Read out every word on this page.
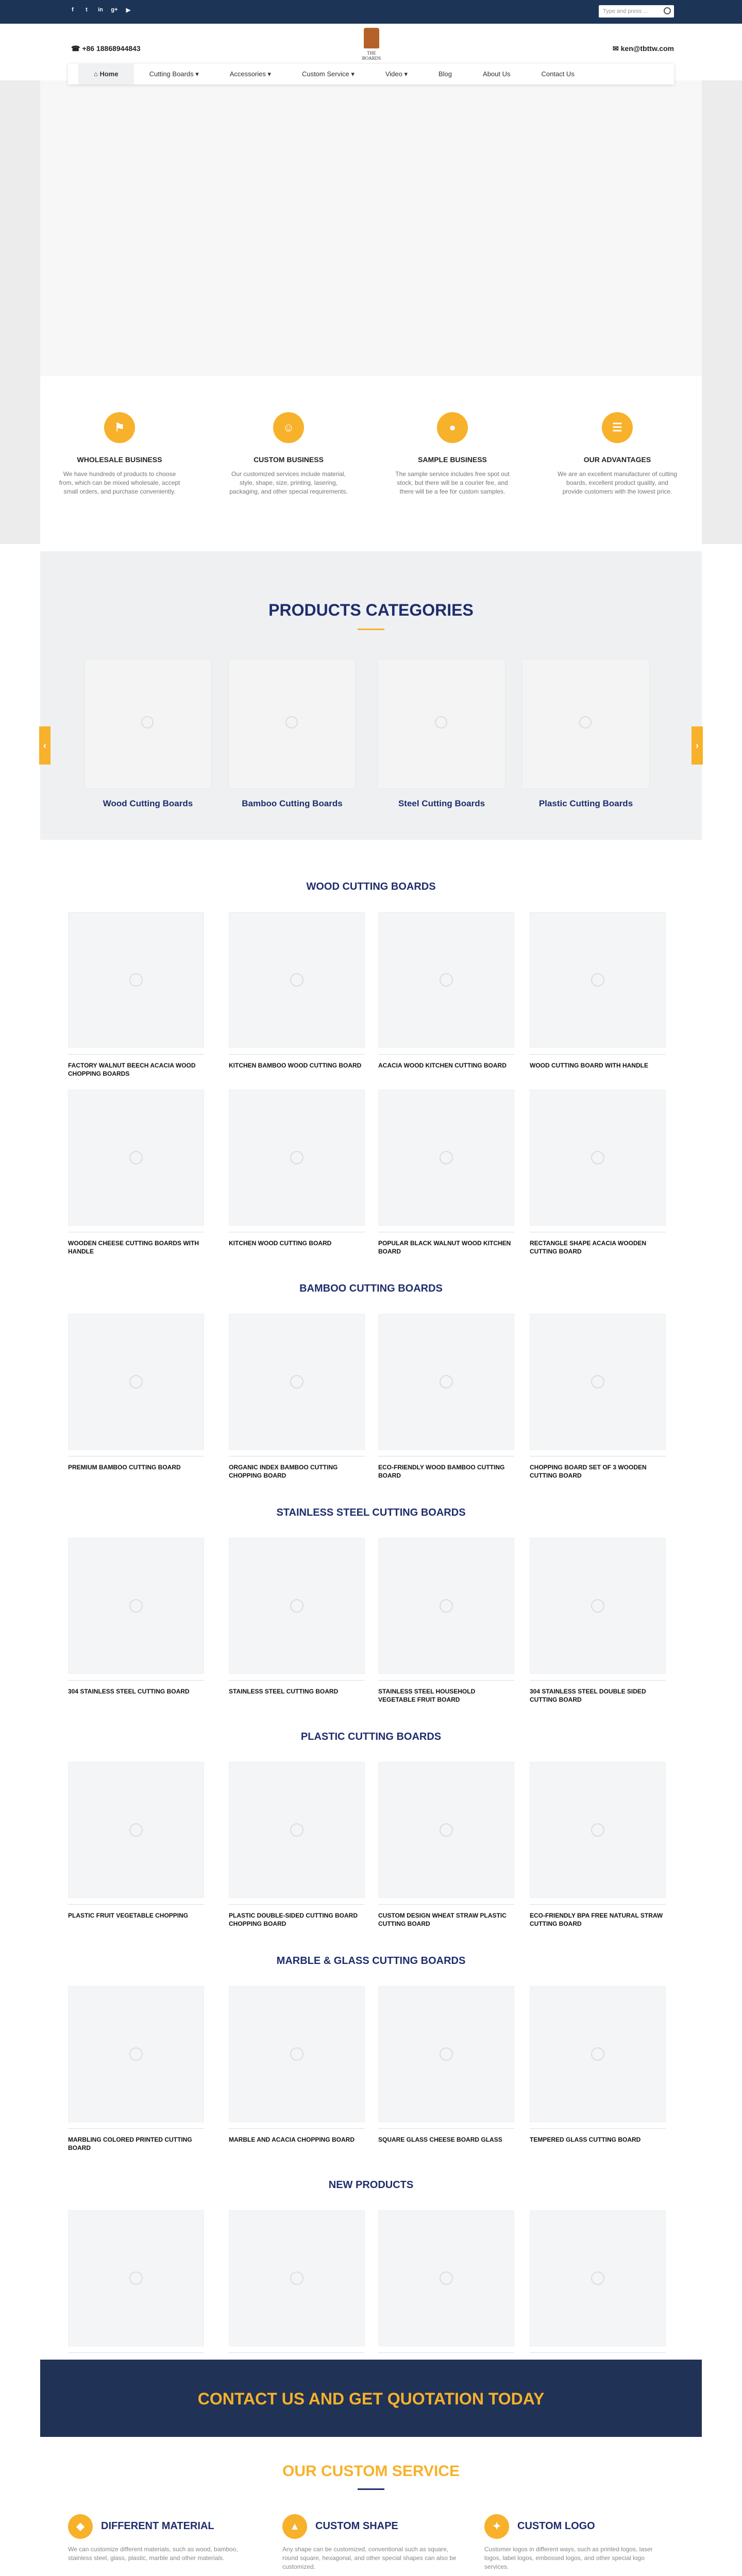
f	t	in	g+	▶	Type and press ...
☎ +86 18868944843
THE BOARDS
✉ ken@tbttw.com
⌂ Home	Cutting Boards ▾	Accessories ▾	Custom Service ▾	Video ▾	Blog	About Us	Contact Us
⚑
WHOLESALE BUSINESS
We have hundreds of products to choose from, which can be mixed wholesale, accept small orders, and purchase conveniently.
☺
CUSTOM BUSINESS
Our customized services include material, style, shape, size, printing, lasering, packaging, and other special requirements.
●
SAMPLE BUSINESS
The sample service includes free spot out stock, but there will be a courier fee, and there will be a fee for custom samples.
☰
OUR ADVANTAGES
We are an excellent manufacturer of cutting boards, excellent product quality, and provide customers with the lowest price.
PRODUCTS CATEGORIES
‹	›
Wood Cutting Boards	Bamboo Cutting Boards	Steel Cutting Boards	Plastic Cutting Boards
WOOD CUTTING BOARDS
FACTORY WALNUT BEECH ACACIA WOOD CHOPPING BOARDS
KITCHEN BAMBOO WOOD CUTTING BOARD	ACACIA WOOD KITCHEN CUTTING BOARD	WOOD CUTTING BOARD WITH HANDLE
WOODEN CHEESE CUTTING BOARDS WITH HANDLE
KITCHEN WOOD CUTTING BOARD	POPULAR BLACK WALNUT WOOD KITCHEN BOARD
RECTANGLE SHAPE ACACIA WOODEN CUTTING BOARD
BAMBOO CUTTING BOARDS
PREMIUM BAMBOO CUTTING BOARD	ORGANIC INDEX BAMBOO CUTTING CHOPPING BOARD
ECO-FRIENDLY WOOD BAMBOO CUTTING BOARD
CHOPPING BOARD SET OF 3 WOODEN CUTTING BOARD
STAINLESS STEEL CUTTING BOARDS
304 STAINLESS STEEL CUTTING BOARD	STAINLESS STEEL CUTTING BOARD	STAINLESS STEEL HOUSEHOLD VEGETABLE FRUIT BOARD
304 STAINLESS STEEL DOUBLE SIDED CUTTING BOARD
PLASTIC CUTTING BOARDS
PLASTIC FRUIT VEGETABLE CHOPPING	PLASTIC DOUBLE-SIDED CUTTING BOARD CHOPPING BOARD
CUSTOM DESIGN WHEAT STRAW PLASTIC CUTTING BOARD
ECO-FRIENDLY BPA FREE NATURAL STRAW CUTTING BOARD
MARBLE & GLASS CUTTING BOARDS
MARBLING COLORED PRINTED CUTTING BOARD
MARBLE AND ACACIA CHOPPING BOARD	SQUARE GLASS CHEESE BOARD GLASS	TEMPERED GLASS CUTTING BOARD
NEW PRODUCTS
CONTACT US AND GET QUOTATION TODAY
OUR CUSTOM SERVICE
◆	DIFFERENT MATERIAL
We can customize different materials, such as wood, bamboo, stainless steel, glass, plastic, marble and other materials.
▲	CUSTOM SHAPE
Any shape can be customized, conventional such as square, round square, hexagonal, and other special shapes can also be customized.
✦	CUSTOM LOGO
Customer logos in different ways, such as printed logos, laser logos, label logos, embossed logos, and other special logo services.
